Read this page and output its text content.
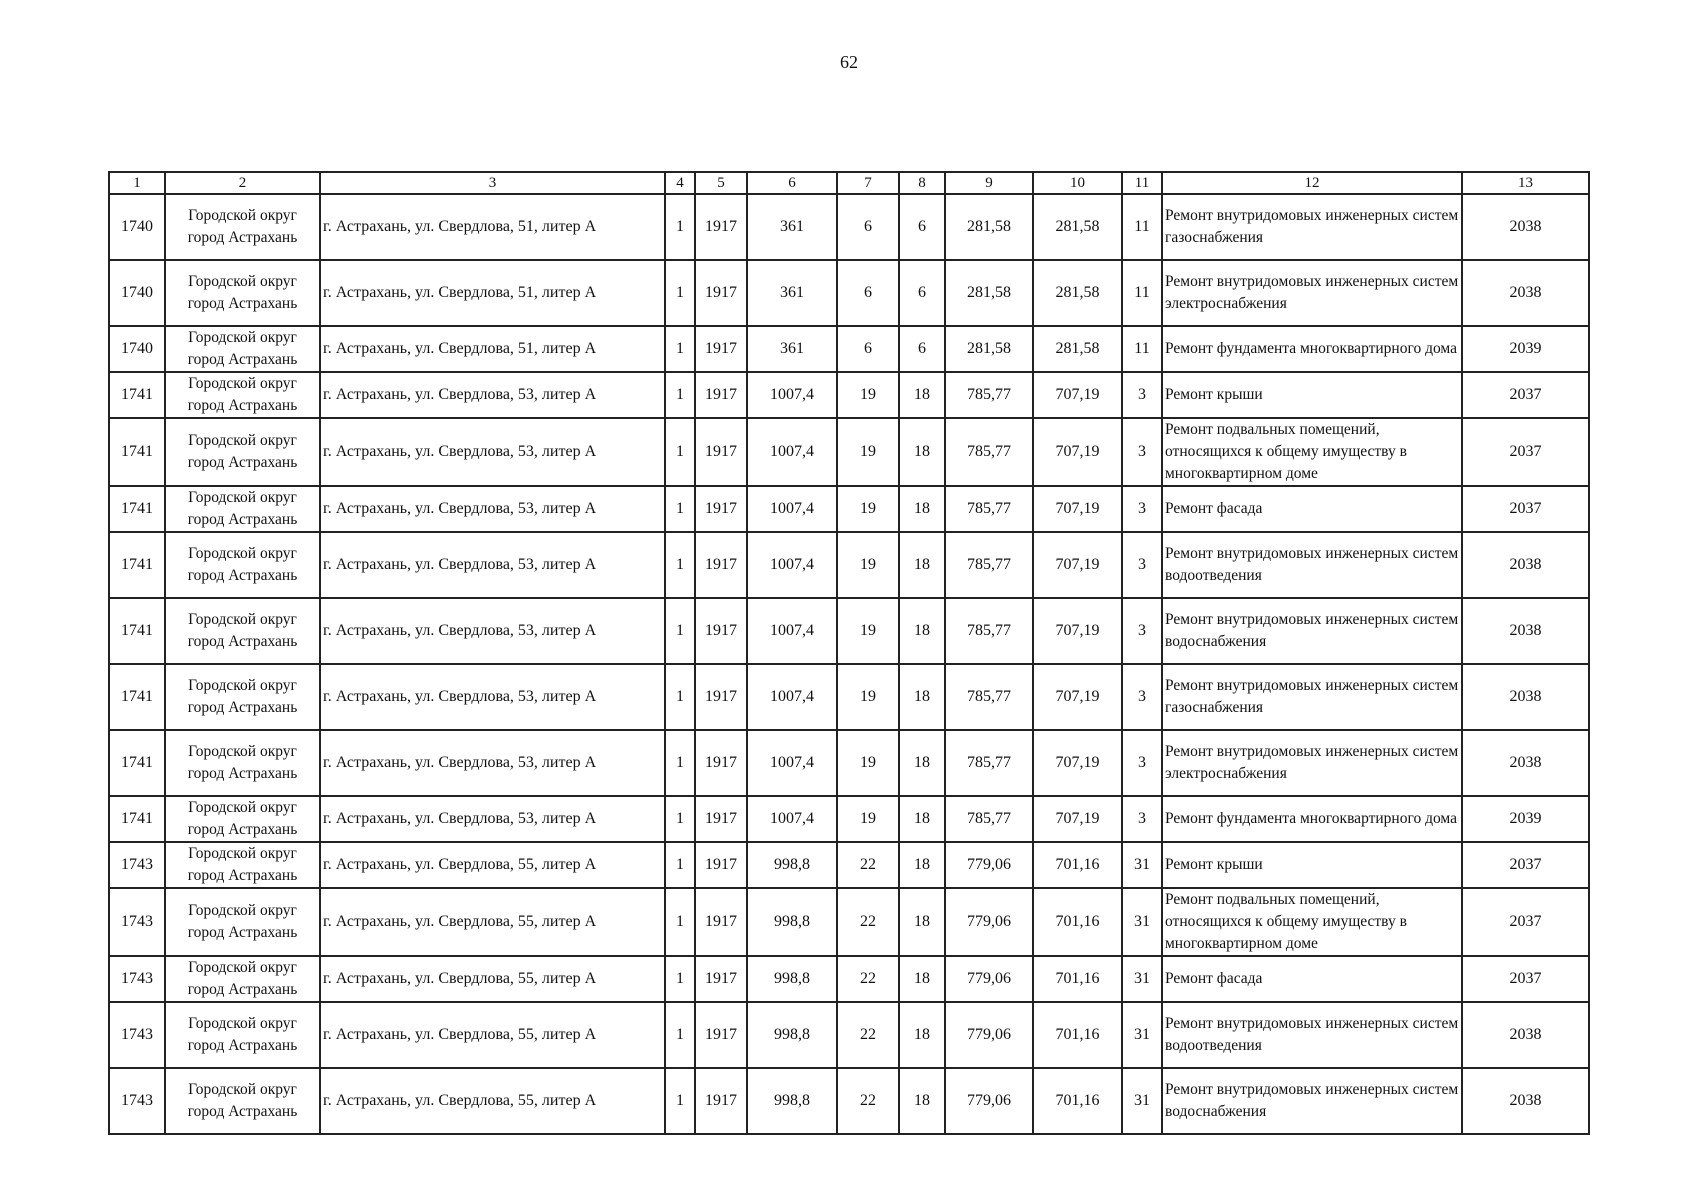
62
1	2	3	4	5	6	7	8	9	10	11	12	13
1740	Городской округ город Астрахань	г. Астрахань, ул. Свердлова, 51, литер А	1	1917	361	6	6	281,58	281,58	11	Ремонт внутридомовых инженерных систем газоснабжения	2038
1740	Городской округ город Астрахань	г. Астрахань, ул. Свердлова, 51, литер А	1	1917	361	6	6	281,58	281,58	11	Ремонт внутридомовых инженерных систем электроснабжения	2038
1740	Городской округ город Астрахань	г. Астрахань, ул. Свердлова, 51, литер А	1	1917	361	6	6	281,58	281,58	11	Ремонт фундамента многоквартирного дома	2039
1741	Городской округ город Астрахань	г. Астрахань, ул. Свердлова, 53, литер А	1	1917	1007,4	19	18	785,77	707,19	3	Ремонт крыши	2037
1741	Городской округ город Астрахань	г. Астрахань, ул. Свердлова, 53, литер А	1	1917	1007,4	19	18	785,77	707,19	3	Ремонт подвальных помещений, относящихся к общему имуществу в многоквартирном доме	2037
1741	Городской округ город Астрахань	г. Астрахань, ул. Свердлова, 53, литер А	1	1917	1007,4	19	18	785,77	707,19	3	Ремонт фасада	2037
1741	Городской округ город Астрахань	г. Астрахань, ул. Свердлова, 53, литер А	1	1917	1007,4	19	18	785,77	707,19	3	Ремонт внутридомовых инженерных систем водоотведения	2038
1741	Городской округ город Астрахань	г. Астрахань, ул. Свердлова, 53, литер А	1	1917	1007,4	19	18	785,77	707,19	3	Ремонт внутридомовых инженерных систем водоснабжения	2038
1741	Городской округ город Астрахань	г. Астрахань, ул. Свердлова, 53, литер А	1	1917	1007,4	19	18	785,77	707,19	3	Ремонт внутридомовых инженерных систем газоснабжения	2038
1741	Городской округ город Астрахань	г. Астрахань, ул. Свердлова, 53, литер А	1	1917	1007,4	19	18	785,77	707,19	3	Ремонт внутридомовых инженерных систем электроснабжения	2038
1741	Городской округ город Астрахань	г. Астрахань, ул. Свердлова, 53, литер А	1	1917	1007,4	19	18	785,77	707,19	3	Ремонт фундамента многоквартирного дома	2039
1743	Городской округ город Астрахань	г. Астрахань, ул. Свердлова, 55, литер А	1	1917	998,8	22	18	779,06	701,16	31	Ремонт крыши	2037
1743	Городской округ город Астрахань	г. Астрахань, ул. Свердлова, 55, литер А	1	1917	998,8	22	18	779,06	701,16	31	Ремонт подвальных помещений, относящихся к общему имуществу в многоквартирном доме	2037
1743	Городской округ город Астрахань	г. Астрахань, ул. Свердлова, 55, литер А	1	1917	998,8	22	18	779,06	701,16	31	Ремонт фасада	2037
1743	Городской округ город Астрахань	г. Астрахань, ул. Свердлова, 55, литер А	1	1917	998,8	22	18	779,06	701,16	31	Ремонт внутридомовых инженерных систем водоотведения	2038
1743	Городской округ город Астрахань	г. Астрахань, ул. Свердлова, 55, литер А	1	1917	998,8	22	18	779,06	701,16	31	Ремонт внутридомовых инженерных систем водоснабжения	2038
